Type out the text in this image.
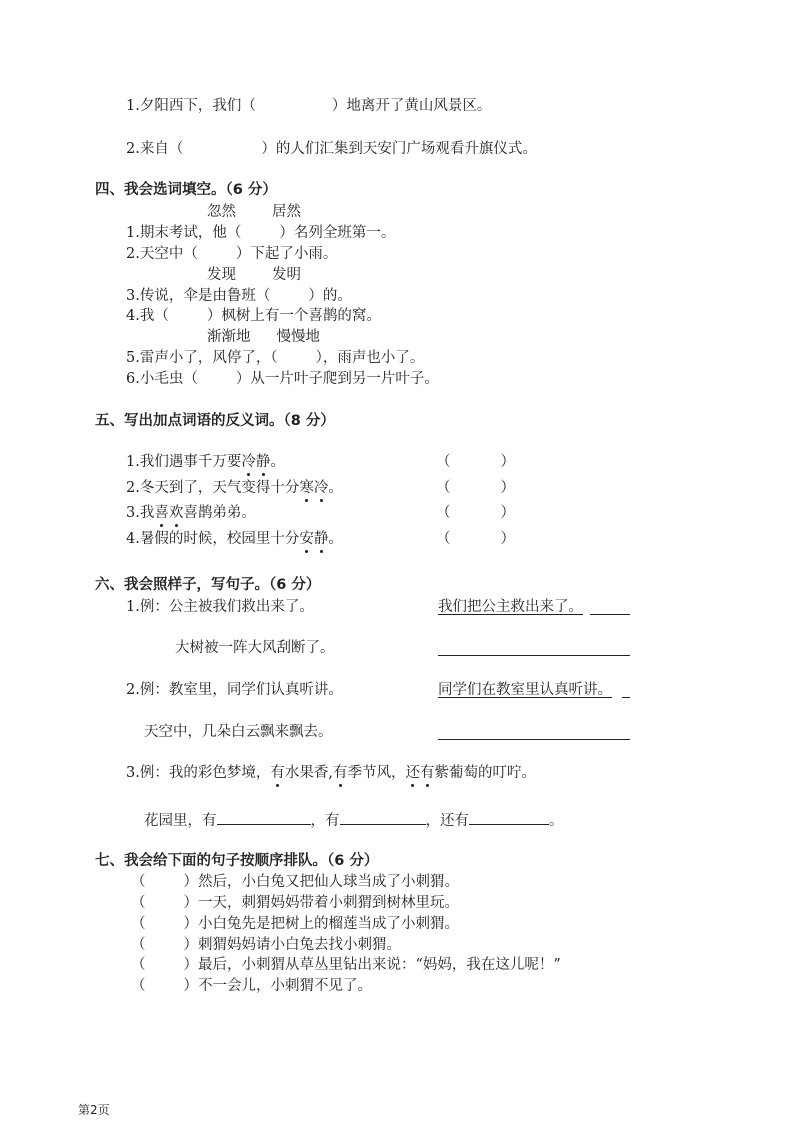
1.夕阳西下，我们（	）地离开了黄山风景区。
2.来自（	）的人们汇集到天安门广场观看升旗仪式。
四、我会选词填空。（6 分）
忽然 居然
1.期末考试，他（	）名列全班第一。
2.天空中（	）下起了小雨。
发现 发明
3.传说，伞是由鲁班（	）的。
4.我（	）枫树上有一个喜鹊的窝。
渐渐地 慢慢地
5.雷声小了，风停了，（	），雨声也小了。
6.小毛虫（	）从一片叶子爬到另一片叶子。
五、写出加点词语的反义词。（8 分）
1.我们遇事千万要冷静。	（	）
2.冬天到了，天气变得十分寒冷。	（	）
3.我喜欢喜鹊弟弟。	（	）
4.暑假的时候，校园里十分安静。	（	）
六、我会照样子，写句子。（6 分）
1.例：公主被我们救出来了。	我们把公主救出来了。
大树被一阵大风刮断了。
2.例：教室里，同学们认真听讲。	同学们在教室里认真听讲。
天空中，几朵白云飘来飘去。
3.例：我的彩色梦境，有水果香,有季节风，还有紫葡萄的叮咛。
花园里，有	，有	，还有	。
七、我会给下面的句子按顺序排队。（6 分）
（	）然后，小白兔又把仙人球当成了小刺猬。
（	）一天，刺猬妈妈带着小刺猬到树林里玩。
（	）小白兔先是把树上的榴莲当成了小刺猬。
（	）刺猬妈妈请小白兔去找小刺猬。
（	）最后，小刺猬从草丛里钻出来说：“妈妈，我在这儿呢！”
（	）不一会儿，小刺猬不见了。
第2页
